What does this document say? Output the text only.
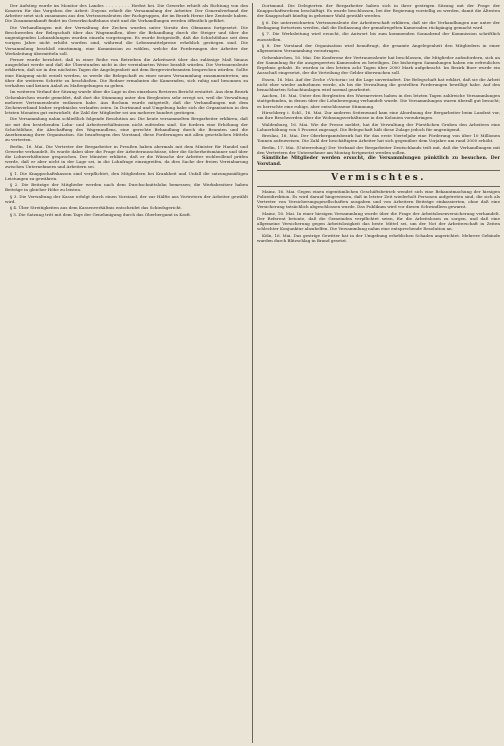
Der Aufstieg wurde im Monitor des Landes . . . . . . . . Herbst bei. Die Gewerbe erhielt als Richtung von den Konzern für das Vorgehen der Arbeit: Doyens erhielt die Versammlung der Arbeiter. Der Generalverband der Arbeiter setzt sich zusammen aus den Vertrauensleuten der Fachgruppen, die im Bezirk Herne ihre Zentrale haben. Die Zusammenkunft findet im Gewerkschaftshaus statt und die Verhandlungen werden öffentlich geführt.

Die Verhandlungen mit der Verwaltung der Zechen wurden unter Vorsitz des Obmanns fortgesetzt. Die Beschwerden der Belegschaft über das Wagennullen, über die Behandlung durch die Steiger und über die ungenügenden Lohnzahlungen wurden einzeln vorgetragen. Es wurde festgestellt, daß die Schichtlöhne seit dem vorigen Jahre nicht erhöht worden sind, während die Lebensmittelpreise erheblich gestiegen sind. Die Versammlung beschloß einstimmig, eine Kommission zu wählen, welche die Forderungen der Arbeiter der Werksleitung übermitteln soll.

Ferner wurde berichtet, daß in einer Reihe von Betrieben die Arbeitszeit über das zulässige Maß hinaus ausgedehnt werde und daß die Überstunden nicht in der vereinbarten Weise bezahlt würden. Die Vertrauensleute erklärten, daß sie in den nächsten Tagen die Angelegenheit mit dem Bergrevierbeamten besprechen würden. Sollte eine Einigung nicht erzielt werden, so werde die Belegschaft zu einer neuen Versammlung zusammentreten, um über die weiteren Schritte zu beschließen. Die Redner ermahnten die Kameraden, sich ruhig und besonnen zu verhalten und keinen Anlaß zu Maßregelungen zu geben.

Im weiteren Verlauf der Sitzung wurde über die Lage in den einzelnen Revieren Bericht erstattet. Aus dem Bezirk Gelsenkirchen wurde gemeldet, daß dort die Stimmung unter den Bergleuten sehr erregt sei, weil die Verwaltung mehrere Vertrauensleute entlassen habe. Aus Bochum wurde mitgeteilt, daß die Verhandlungen mit dem Zechenverband bisher ergebnislos verlaufen seien. In Dortmund und Umgebung habe sich die Organisation in den letzten Monaten gut entwickelt; die Zahl der Mitglieder sei um mehrere hundert gestiegen.

Die Versammlung nahm schließlich folgende Resolution an: Die heute versammelten Bergarbeiter erklären, daß sie mit den bestehenden Lohn- und Arbeitsverhältnissen nicht zufrieden sind. Sie fordern eine Erhöhung der Schichtlöhne, die Abschaffung des Wagennullens, eine gerechte Behandlung durch die Beamten und die Anerkennung ihrer Organisation. Sie beauftragen den Vorstand, diese Forderungen mit allen gesetzlichen Mitteln zu vertreten.

Berlin, 16. Mai. Die Vertreter der Bergarbeiter in Preußen haben abermals mit dem Minister für Handel und Gewerbe verhandelt. Es wurde dabei über die Frage der Arbeiterausschüsse, über die Sicherheitsmänner und über die Lohnverhältnisse gesprochen. Der Minister erklärte, daß er die Wünsche der Arbeiter wohlwollend prüfen werde, daß er aber nicht in der Lage sei, in die Lohnfrage einzugreifen, da dies Sache der freien Vereinbarung zwischen Unternehmern und Arbeitern sei.

§ 1. Die Knappschaftskassen sind verpflichtet, den Mitgliedern bei Krankheit und Unfall die satzungsmäßigen Leistungen zu gewähren.

§ 2. Die Beiträge der Mitglieder werden nach dem Durchschnittslohn bemessen; die Werksbesitzer haben Beiträge in gleicher Höhe zu leisten.

§ 3. Die Verwaltung der Kasse erfolgt durch einen Vorstand, der zur Hälfte aus Vertretern der Arbeiter gewählt wird.

§ 4. Über Streitigkeiten aus dem Kassenverhältnis entscheidet das Schiedsgericht.

§ 5. Die Satzung tritt mit dem Tage der Genehmigung durch das Oberbergamt in Kraft.

Dortmund. Die Delegierten der Bergarbeiter haben sich in ihrer gestrigen Sitzung mit der Frage der Knappschaftsreform beschäftigt. Es wurde beschlossen, bei der Regierung vorstellig zu werden, damit die Ältesten der Knappschaft künftig in geheimer Wahl gewählt werden.

§ 6. Die unterzeichneten Vertrauensleute der Arbeiterschaft erklären, daß sie die Verhandlungen nur unter der Bedingung fortsetzen werden, daß die Entlassung der gemaßregelten Kameraden rückgängig gemacht wird.

§ 7. Die Werksleitung wird ersucht, die Antwort bis zum kommenden Sonnabend der Kommission schriftlich zuzustellen.

§ 8. Der Vorstand der Organisation wird beauftragt, die gesamte Angelegenheit den Mitgliedern in einer allgemeinen Versammlung vorzutragen.

Gelsenkirchen, 16. Mai. Die Konferenz der Vertrauensleute hat beschlossen, die Mitglieder aufzufordern, sich an der Sammlung für die ausgesperrten Kameraden zu beteiligen. Die bisherigen Sammlungen haben ein erfreuliches Ergebnis gehabt. Es wurden in den letzten acht Tagen über 2000 Mark aufgebracht. Im Bezirk Buer wurde ein Ausschuß eingesetzt, der die Verteilung der Gelder überwachen soll.

Essen, 16. Mai. Auf der Zeche »Victoria« ist die Lage unverändert. Die Belegschaft hat erklärt, daß sie die Arbeit nicht eher wieder aufnehmen werde, als bis die Verwaltung die gestellten Forderungen bewilligt habe. Auf den benachbarten Schachtanlagen wird normal gearbeitet.

Aachen, 16. Mai. Unter den Bergleuten des Wurmreviers haben in den letzten Tagen zahlreiche Versammlungen stattgefunden, in denen über die Lohnbewegung verhandelt wurde. Die Versammlungen waren überall gut besucht; es herrschte eine ruhige, aber entschlossene Stimmung.

Hirschberg i. Schl., 16. Mai. Zur anderen Seitenwand kam eine Abordnung der Bergarbeiter beim Landrat vor, um ihre Beschwerden über die Wohnungsverhältnisse in den Kolonien vorzubringen.

Waldenburg, 16. Mai. Wie die Presse meldet, hat die Verwaltung der Fürstlichen Gruben den Arbeitern eine Lohnerhöhung von 5 Prozent zugesagt. Die Belegschaft hält diese Zulage jedoch für ungenügend.

Breslau, 16. Mai. Der Oberbergamtsbezirk hat für das erste Vierteljahr eine Förderung von über 10 Millionen Tonnen aufzuweisen. Die Zahl der beschäftigten Arbeiter hat sich gegenüber dem Vorjahre um rund 3000 erhöht.

Berlin, 17. Mai. (Unterredung) Der Verband der Bergarbeiter Deutschlands teilt mit, daß die Verhandlungen mit den Vertretern der Unternehmer am Montag fortgesetzt werden sollen.

Sämtliche Mitglieder werden ersucht, die Versammlungen pünktlich zu besuchen. Der Vorstand.

Vermischtes.

Mainz, 16. Mai. Gegen einen eigentümlichen Geschäftsbetrieb wendet sich eine Bekanntmachung der hiesigen Polizeidirektion. Es wird darauf hingewiesen, daß in letzter Zeit wiederholt Personen aufgetreten sind, die sich als Vertreter von Versicherungsgesellschaften ausgaben und von Arbeitern Beiträge einkassierten, ohne daß eine Versicherung tatsächlich abgeschlossen wurde. Das Publikum wird vor diesen Schwindlern gewarnt.

Mainz, 16. Mai. In einer hiesigen Versammlung wurde über die Frage der Arbeitslosenversicherung verhandelt. Der Referent betonte, daß die Gemeinden verpflichtet seien, für die Arbeitslosen zu sorgen, und daß eine allgemeine Versicherung gegen Arbeitslosigkeit das beste Mittel sei, um der Not der Arbeiterschaft in Zeiten schlechter Konjunktur abzuhelfen. Die Versammlung nahm eine entsprechende Resolution an.

Köln, 16. Mai. Das gestrige Gewitter hat in der Umgebung erheblichen Schaden angerichtet. Mehrere Gebäude wurden durch Blitzschlag in Brand gesetzt.
